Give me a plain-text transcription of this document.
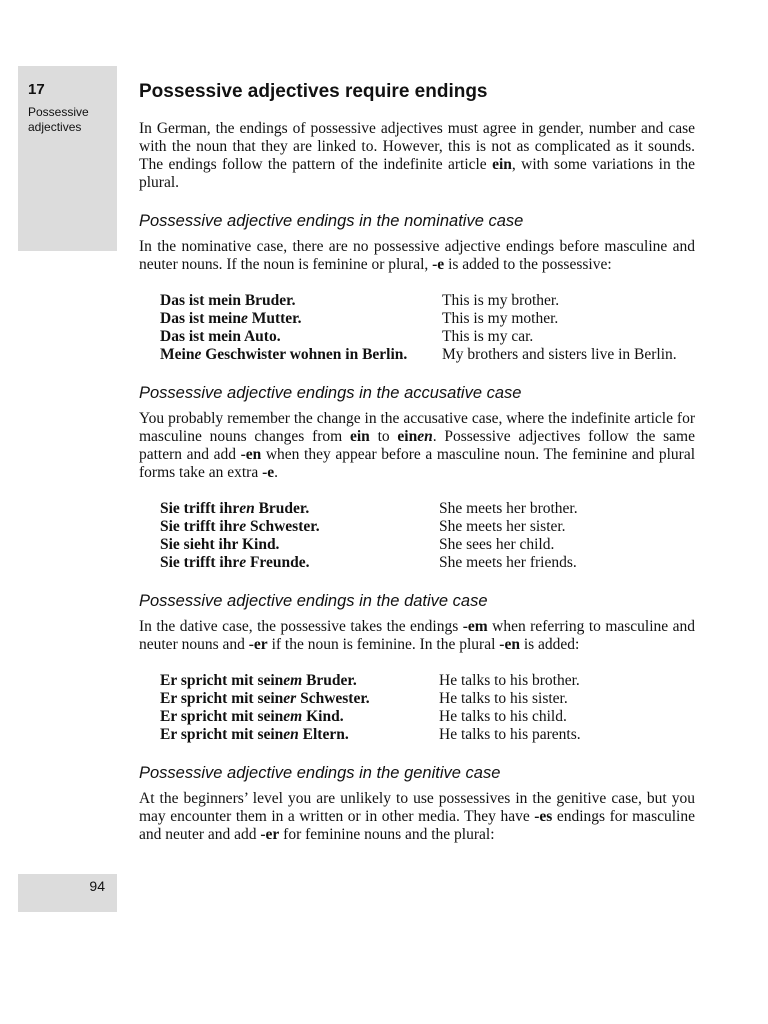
17
Possessive adjectives
94
Possessive adjectives require endings

In German, the endings of possessive adjectives must agree in gender, number and case with the noun that they are linked to. However, this is not as complicated as it sounds. The endings follow the pattern of the indefinite article ein, with some variations in the plural.

Possessive adjective endings in the nominative case

In the nominative case, there are no possessive adjective endings before masculine and neuter nouns. If the noun is feminine or plural, -e is added to the possessive:

Das ist mein Bruder.	This is my brother.
Das ist meine Mutter.	This is my mother.
Das ist mein Auto.	This is my car.
Meine Geschwister wohnen in Berlin.	My brothers and sisters live in Berlin.
Possessive adjective endings in the accusative case

You probably remember the change in the accusative case, where the indefinite article for masculine nouns changes from ein to einen. Possessive adjectives follow the same pattern and add -en when they appear before a masculine noun. The feminine and plural forms take an extra -e.

Sie trifft ihren Bruder.	She meets her brother.
Sie trifft ihre Schwester.	She meets her sister.
Sie sieht ihr Kind.	She sees her child.
Sie trifft ihre Freunde.	She meets her friends.
Possessive adjective endings in the dative case

In the dative case, the possessive takes the endings -em when referring to masculine and neuter nouns and -er if the noun is feminine. In the plural -en is added:

Er spricht mit seinem Bruder.	He talks to his brother.
Er spricht mit seiner Schwester.	He talks to his sister.
Er spricht mit seinem Kind.	He talks to his child.
Er spricht mit seinen Eltern.	He talks to his parents.
Possessive adjective endings in the genitive case

At the beginners’ level you are unlikely to use possessives in the genitive case, but you may encounter them in a written or in other media. They have -es endings for masculine and neuter and add -er for feminine nouns and the plural:
